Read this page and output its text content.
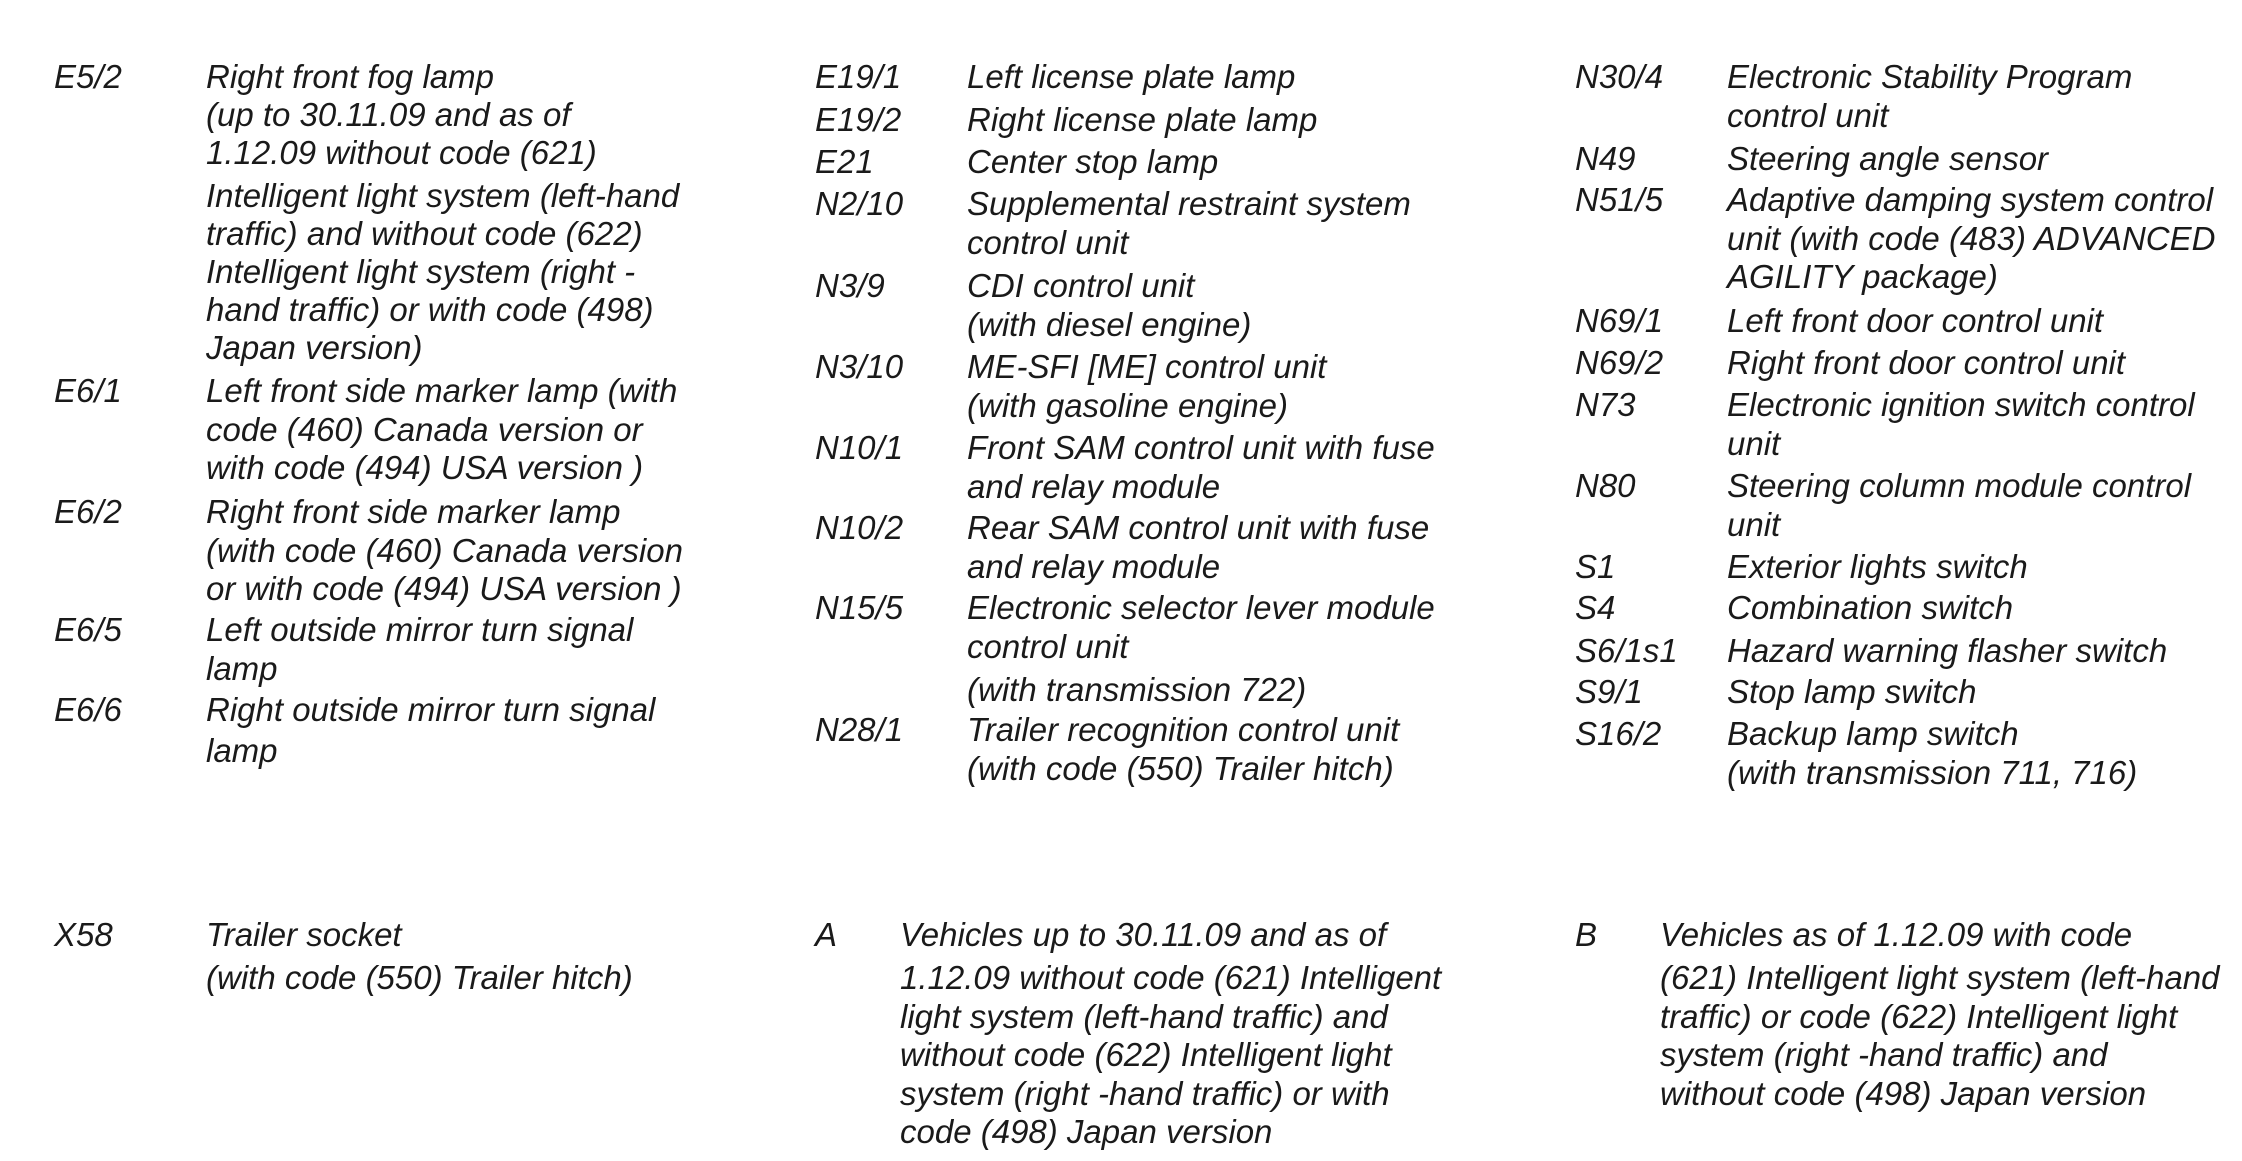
E5/2	Right front fog lamp
(up to 30.11.09 and as of
1.12.09 without code (621)
Intelligent light system (left-hand
traffic) and without code (622)
Intelligent light system (right -
hand traffic) or with code (498)
Japan version)
E6/1	Left front side marker lamp (with
code (460) Canada version or
with code (494) USA version )
E6/2	Right front side marker lamp
(with code (460) Canada version
or with code (494) USA version )
E6/5	Left outside mirror turn signal
lamp
E6/6	Right outside mirror turn signal
lamp
E19/1 Left license plate lamp
E19/2 Right license plate lamp
E21	Center stop lamp
N2/10 Supplemental restraint system
control unit
N3/9 CDI control unit
(with diesel engine)
N3/10 ME-SFI [ME] control unit
(with gasoline engine)
N10/1 Front SAM control unit with fuse
and relay module
N10/2 Rear SAM control unit with fuse
and relay module
N15/5 Electronic selector lever module
control unit
(with transmission 722)
N28/1 Trailer recognition control unit
(with code (550) Trailer hitch)
N30/4 Electronic Stability Program
control unit
N49	Steering angle sensor
N51/5 Adaptive damping system control
unit (with code (483) ADVANCED
AGILITY package)
N69/1 Left front door control unit
N69/2 Right front door control unit
N73	Electronic ignition switch control
unit
N80	Steering column module control
unit
S1	Exterior lights switch
S4	Combination switch
S6/1s1 Hazard warning flasher switch
S9/1	Stop lamp switch
S16/2 Backup lamp switch
(with transmission 711, 716)
X58	Trailer socket
(with code (550) Trailer hitch)
A Vehicles up to 30.11.09 and as of
1.12.09 without code (621) Intelligent
light system (left-hand traffic) and
without code (622) Intelligent light
system (right -hand traffic) or with
code (498) Japan version
B Vehicles as of 1.12.09 with code
(621) Intelligent light system (left-hand
traffic) or code (622) Intelligent light
system (right -hand traffic) and
without code (498) Japan version
